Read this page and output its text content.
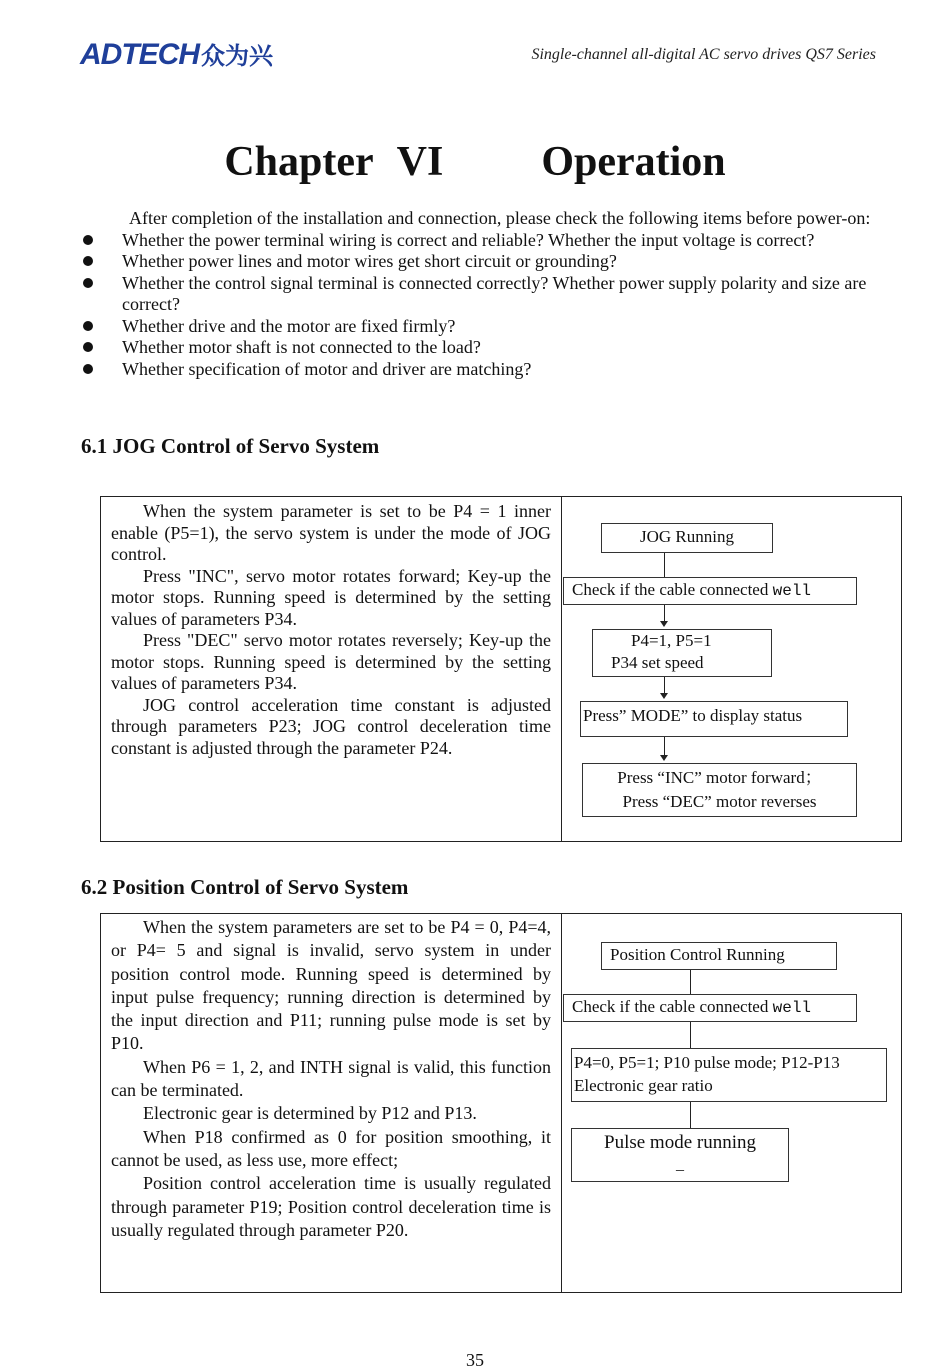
ADTECH众为兴	Single-channel all-digital AC servo drives QS7 Series
Chapter VI    Operation

After completion of the installation and connection, please check the following items before power-on:

Whether the power terminal wiring is correct and reliable? Whether the input voltage is correct?
Whether power lines and motor wires get short circuit or grounding?
Whether the control signal terminal is connected correctly? Whether power supply polarity and size are correct?
Whether drive and the motor are fixed firmly?
Whether motor shaft is not connected to the load?
Whether specification of motor and driver are matching?
6.1 JOG Control of Servo System

When the system parameter is set to be P4 = 1 inner enable (P5=1), the servo system is under the mode of JOG control.

Press "INC", servo motor rotates forward; Key-up the motor stops. Running speed is determined by the setting values of parameters P34.

Press "DEC" servo motor rotates reversely; Key-up the motor stops. Running speed is determined by the setting values of parameters P34.

JOG control acceleration time constant is adjusted through parameters P23; JOG control deceleration time constant is adjusted through the parameter P24.

JOG Running
Check if the cable connected well
P4=1, P5=1
P34 set speed
Press” MODE” to display status
Press “INC” motor forward；
Press “DEC” motor reverses
6.2 Position Control of Servo System

When the system parameters are set to be P4 = 0, P4=4, or P4= 5 and signal is invalid, servo system in under position control mode. Running speed is determined by input pulse frequency; running direction is determined by the input direction and P11; running pulse mode is set by P10.

When P6 = 1, 2, and INTH signal is valid, this function can be terminated.

Electronic gear is determined by P12 and P13.

When P18 confirmed as 0 for position smoothing, it cannot be used, as less use, more effect;

Position control acceleration time is usually regulated through parameter P19; Position control deceleration time is usually regulated through parameter P20.

Position Control Running
Check if the cable connected well
P4=0, P5=1; P10 pulse mode; P12-P13 Electronic gear ratio
Pulse mode running
_
35
